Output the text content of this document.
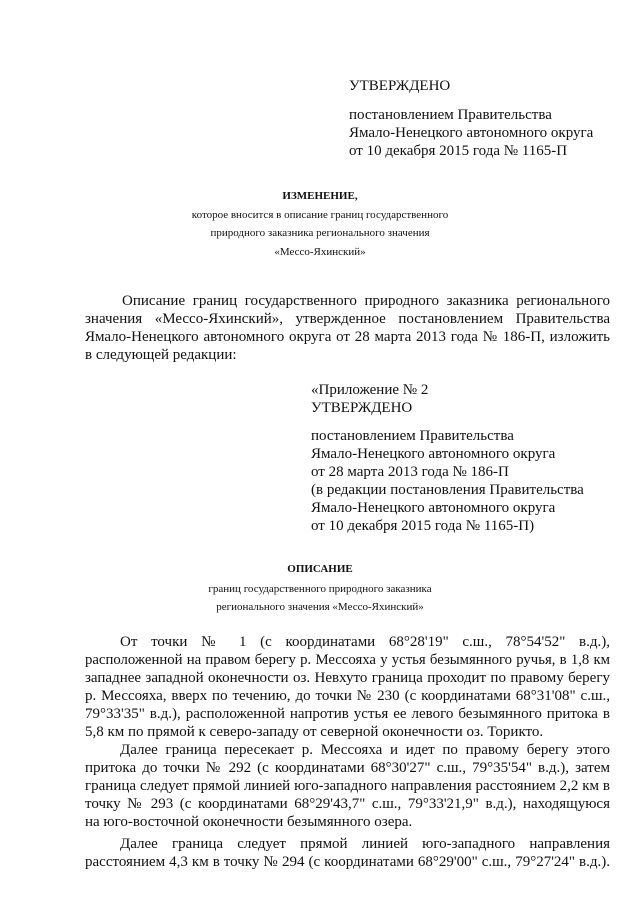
УТВЕРЖДЕНО
постановлением Правительства
Ямало-Ненецкого автономного округа
от 10 декабря 2015 года № 1165-П
ИЗМЕНЕНИЕ,
которое вносится в описание границ государственного
природного заказника регионального значения
«Мессо-Яхинский»
Описание границ государственного природного заказника регионального
значения «Мессо-Яхинский», утвержденное постановлением Правительства
Ямало-Ненецкого автономного округа от 28 марта 2013 года № 186-П, изложить
в следующей редакции:
«Приложение № 2
УТВЕРЖДЕНО
постановлением Правительства
Ямало-Ненецкого автономного округа
от 28 марта 2013 года № 186-П
(в редакции постановления Правительства
Ямало-Ненецкого автономного округа
от 10 декабря 2015 года № 1165-П)
ОПИСАНИЕ
границ государственного природного заказника
регионального значения «Мессо-Яхинский»
От точки № 1 (с координатами 68°28'19" с.ш., 78°54'52" в.д.),
расположенной на правом берегу р. Мессояха у устья безымянного ручья, в 1,8 км
западнее западной оконечности оз. Невхуто граница проходит по правому берегу
р. Мессояха, вверх по течению, до точки № 230 (с координатами 68°31'08" с.ш.,
79°33'35" в.д.), расположенной напротив устья ее левого безымянного притока в
5,8 км по прямой к северо-западу от северной оконечности оз. Торикто.
Далее граница пересекает р. Мессояха и идет по правому берегу этого
притока до точки № 292 (с координатами 68°30'27" с.ш., 79°35'54" в.д.), затем
граница следует прямой линией юго-западного направления расстоянием 2,2 км в
точку № 293 (с координатами 68°29'43,7" с.ш., 79°33'21,9" в.д.), находящуюся
на юго-восточной оконечности безымянного озера.
Далее граница следует прямой линией юго-западного направления
расстоянием 4,3 км в точку № 294 (с координатами 68°29'00" с.ш., 79°27'24" в.д.).
